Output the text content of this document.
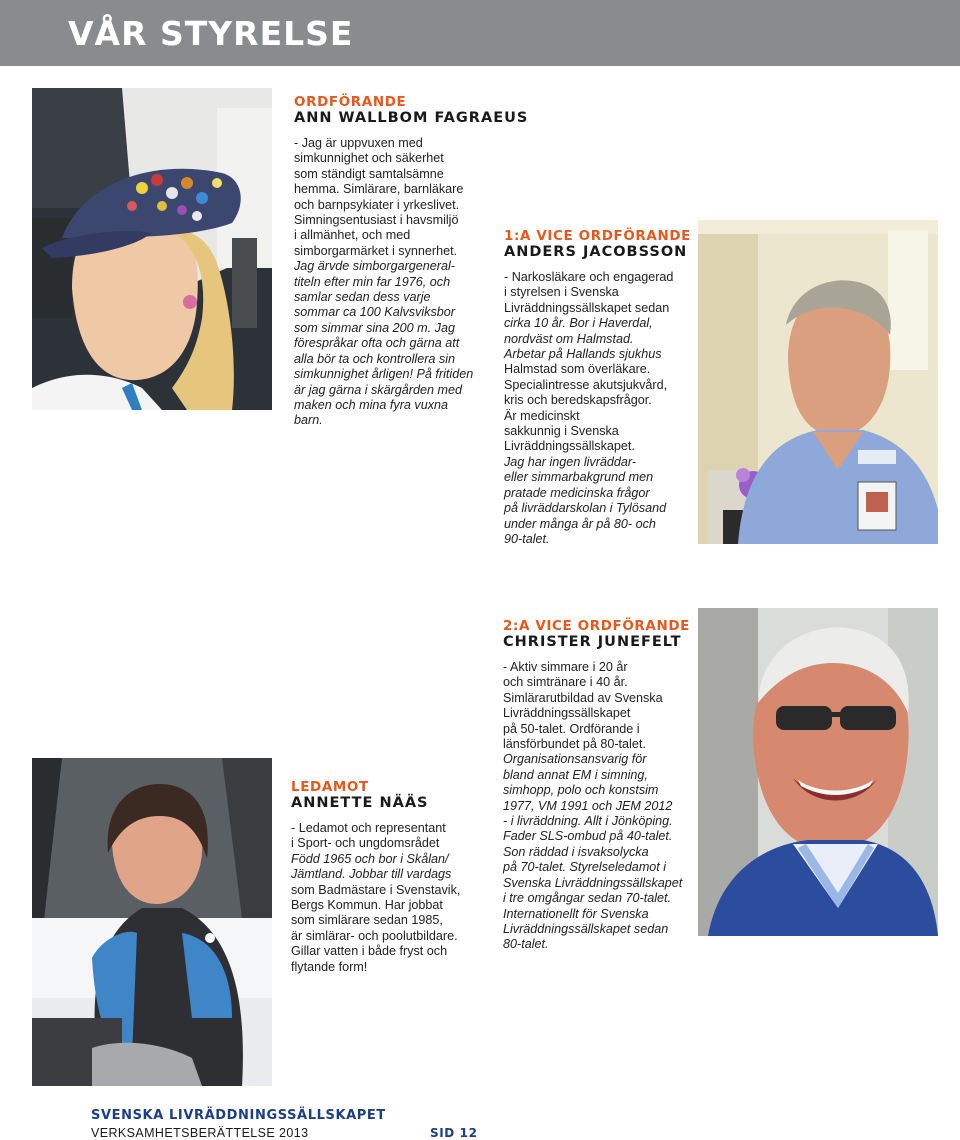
VÅR STYRELSE
ORDFÖRANDE
ANN WALLBOM FAGRAEUS

- Jag är uppvuxen med
simkunnighet och säkerhet
som ständigt samtalsämne
hemma. Simlärare, barnläkare
och barnpsykiater i yrkeslivet.
Simningsentusiast i havsmiljö
i allmänhet, och med
simborgarmärket i synnerhet.
Jag ärvde simborgargeneral-
titeln efter min far 1976, och
samlar sedan dess varje
sommar ca 100 Kalvsviksbor
som simmar sina 200 m. Jag
förespråkar ofta och gärna att
alla bör ta och kontrollera sin
simkunnighet årligen! På fritiden
är jag gärna i skärgården med
maken och mina fyra vuxna
barn.

1:A VICE ORDFÖRANDE
ANDERS JACOBSSON

- Narkosläkare och engagerad
i styrelsen i Svenska
Livräddningssällskapet sedan
cirka 10 år. Bor i Haverdal,
nordväst om Halmstad.
Arbetar på Hallands sjukhus
Halmstad som överläkare.
Specialintresse akutsjukvård,
kris och beredskapsfrågor.
Är medicinskt
sakkunnig i Svenska
Livräddningssällskapet.
Jag har ingen livräddar-
eller simmarbakgrund men
pratade medicinska frågor
på livräddarskolan i Tylösand
under många år på 80- och
90-talet.

2:A VICE ORDFÖRANDE
CHRISTER JUNEFELT

- Aktiv simmare i 20 år
och simtränare i 40 år.
Simlärarutbildad av Svenska
Livräddningssällskapet
på 50-talet. Ordförande i
länsförbundet på 80-talet.
Organisationsansvarig för
bland annat EM i simning,
simhopp, polo och konstsim
1977, VM 1991 och JEM 2012
- i livräddning. Allt i Jönköping.
Fader SLS-ombud på 40-talet.
Son räddad i isvaksolycka
på 70-talet. Styrelseledamot i
Svenska Livräddningssällskapet
i tre omgångar sedan 70-talet.
Internationellt för Svenska
Livräddningssällskapet sedan
80-talet.

LEDAMOT
ANNETTE NÄÄS

- Ledamot och representant
i Sport- och ungdomsrådet
Född 1965 och bor i Skålan/
Jämtland. Jobbar till vardags
som Badmästare i Svenstavik,
Bergs Kommun. Har jobbat
som simlärare sedan 1985,
är simlärar- och poolutbildare.
Gillar vatten i både fryst och
flytande form!

SVENSKA LIVRÄDDNINGSSÄLLSKAPET

VERKSAMHETSBERÄTTELSE 2013	SID 12
